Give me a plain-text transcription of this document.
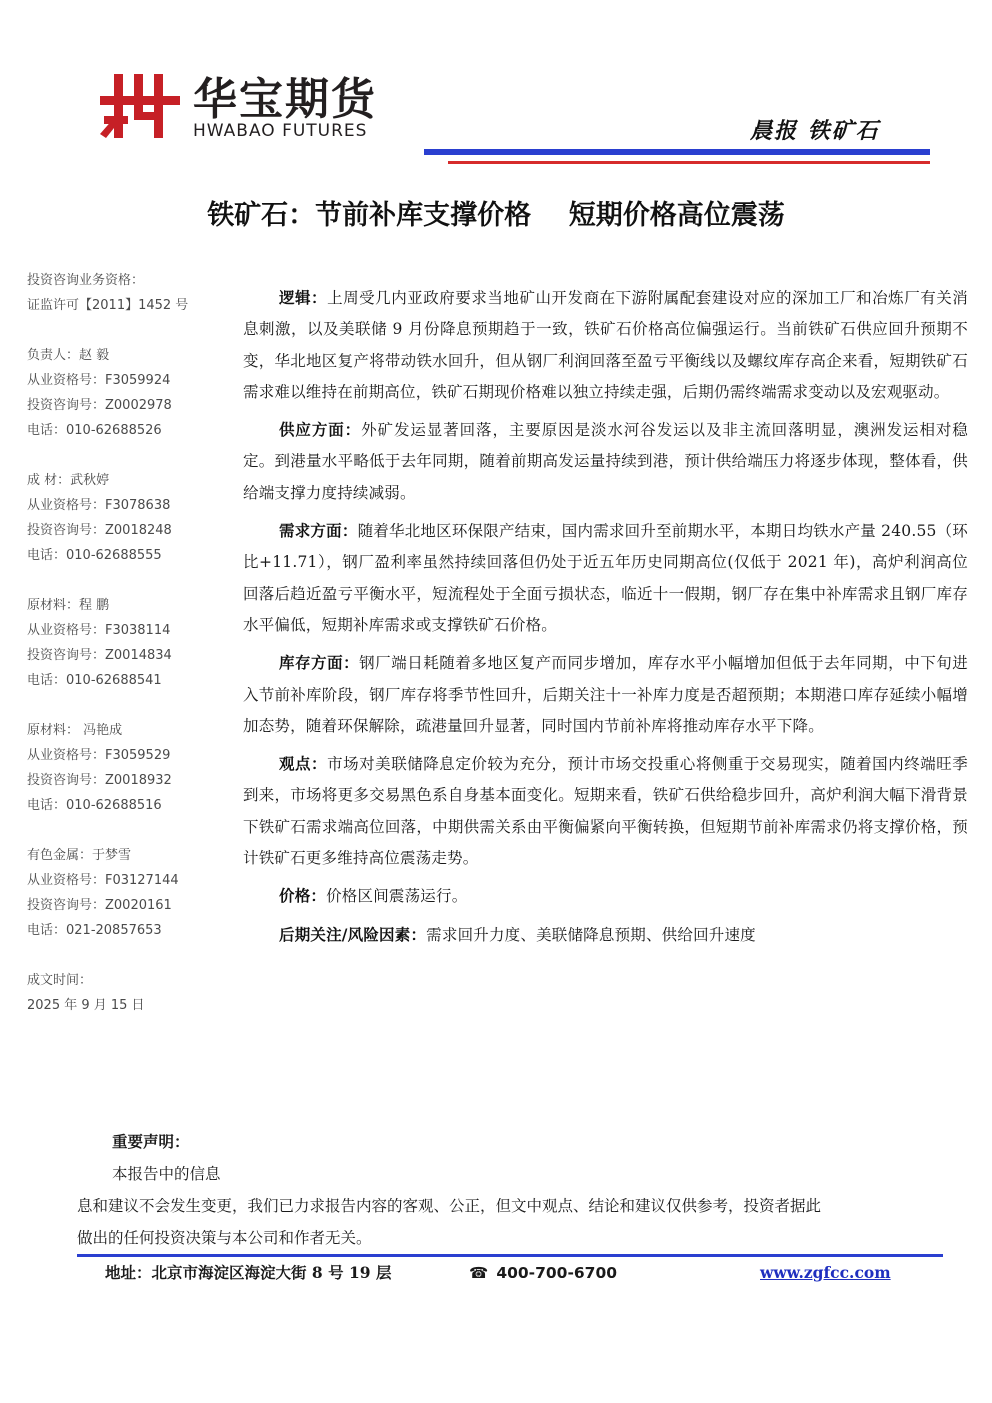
华宝期货
HWABAO FUTURES	晨报 铁矿石
铁矿石：节前补库支撑价格    短期价格高位震荡
投资咨询业务资格：
证监许可【2011】1452 号
负责人：赵 毅
从业资格号：F3059924
投资咨询号：Z0002978
电话：010-62688526
成 材：武秋婷
从业资格号：F3078638
投资咨询号：Z0018248
电话：010-62688555
原材料：程 鹏
从业资格号：F3038114
投资咨询号：Z0014834
电话：010-62688541
原材料： 冯艳成
从业资格号：F3059529
投资咨询号：Z0018932
电话：010-62688516
有色金属：于梦雪
从业资格号：F03127144
投资咨询号：Z0020161
电话：021-20857653
成文时间：
2025 年 9 月 15 日

逻辑：上周受几内亚政府要求当地矿山开发商在下游附属配套建设对应的深加工厂和冶炼厂有关消息刺激，以及美联储 9 月份降息预期趋于一致，铁矿石价格高位偏强运行。当前铁矿石供应回升预期不变，华北地区复产将带动铁水回升，但从钢厂利润回落至盈亏平衡线以及螺纹库存高企来看，短期铁矿石需求难以维持在前期高位，铁矿石期现价格难以独立持续走强，后期仍需终端需求变动以及宏观驱动。

供应方面：外矿发运显著回落，主要原因是淡水河谷发运以及非主流回落明显，澳洲发运相对稳定。到港量水平略低于去年同期，随着前期高发运量持续到港，预计供给端压力将逐步体现，整体看，供给端支撑力度持续减弱。

需求方面：随着华北地区环保限产结束，国内需求回升至前期水平，本期日均铁水产量 240.55（环比+11.71），钢厂盈利率虽然持续回落但仍处于近五年历史同期高位(仅低于 2021 年)，高炉利润高位回落后趋近盈亏平衡水平，短流程处于全面亏损状态，临近十一假期，钢厂存在集中补库需求且钢厂库存水平偏低，短期补库需求或支撑铁矿石价格。

库存方面：钢厂端日耗随着多地区复产而同步增加，库存水平小幅增加但低于去年同期，中下旬进入节前补库阶段，钢厂库存将季节性回升，后期关注十一补库力度是否超预期；本期港口库存延续小幅增加态势，随着环保解除，疏港量回升显著，同时国内节前补库将推动库存水平下降。

观点：市场对美联储降息定价较为充分，预计市场交投重心将侧重于交易现实，随着国内终端旺季到来，市场将更多交易黑色系自身基本面变化。短期来看，铁矿石供给稳步回升，高炉利润大幅下滑背景下铁矿石需求端高位回落，中期供需关系由平衡偏紧向平衡转换，但短期节前补库需求仍将支撑价格，预计铁矿石更多维持高位震荡走势。

价格：价格区间震荡运行。

后期关注/风险因素：需求回升力度、美联储降息预期、供给回升速度

重要声明：
本报告中的信息
息和建议不会发生变更，我们已力求报告内容的客观、公正，但文中观点、结论和建议仅供参考，投资者据此
做出的任何投资决策与本公司和作者无关。
地址：北京市海淀区海淀大街 8 号 19 层	☎ 400-700-6700	www.zgfcc.com
